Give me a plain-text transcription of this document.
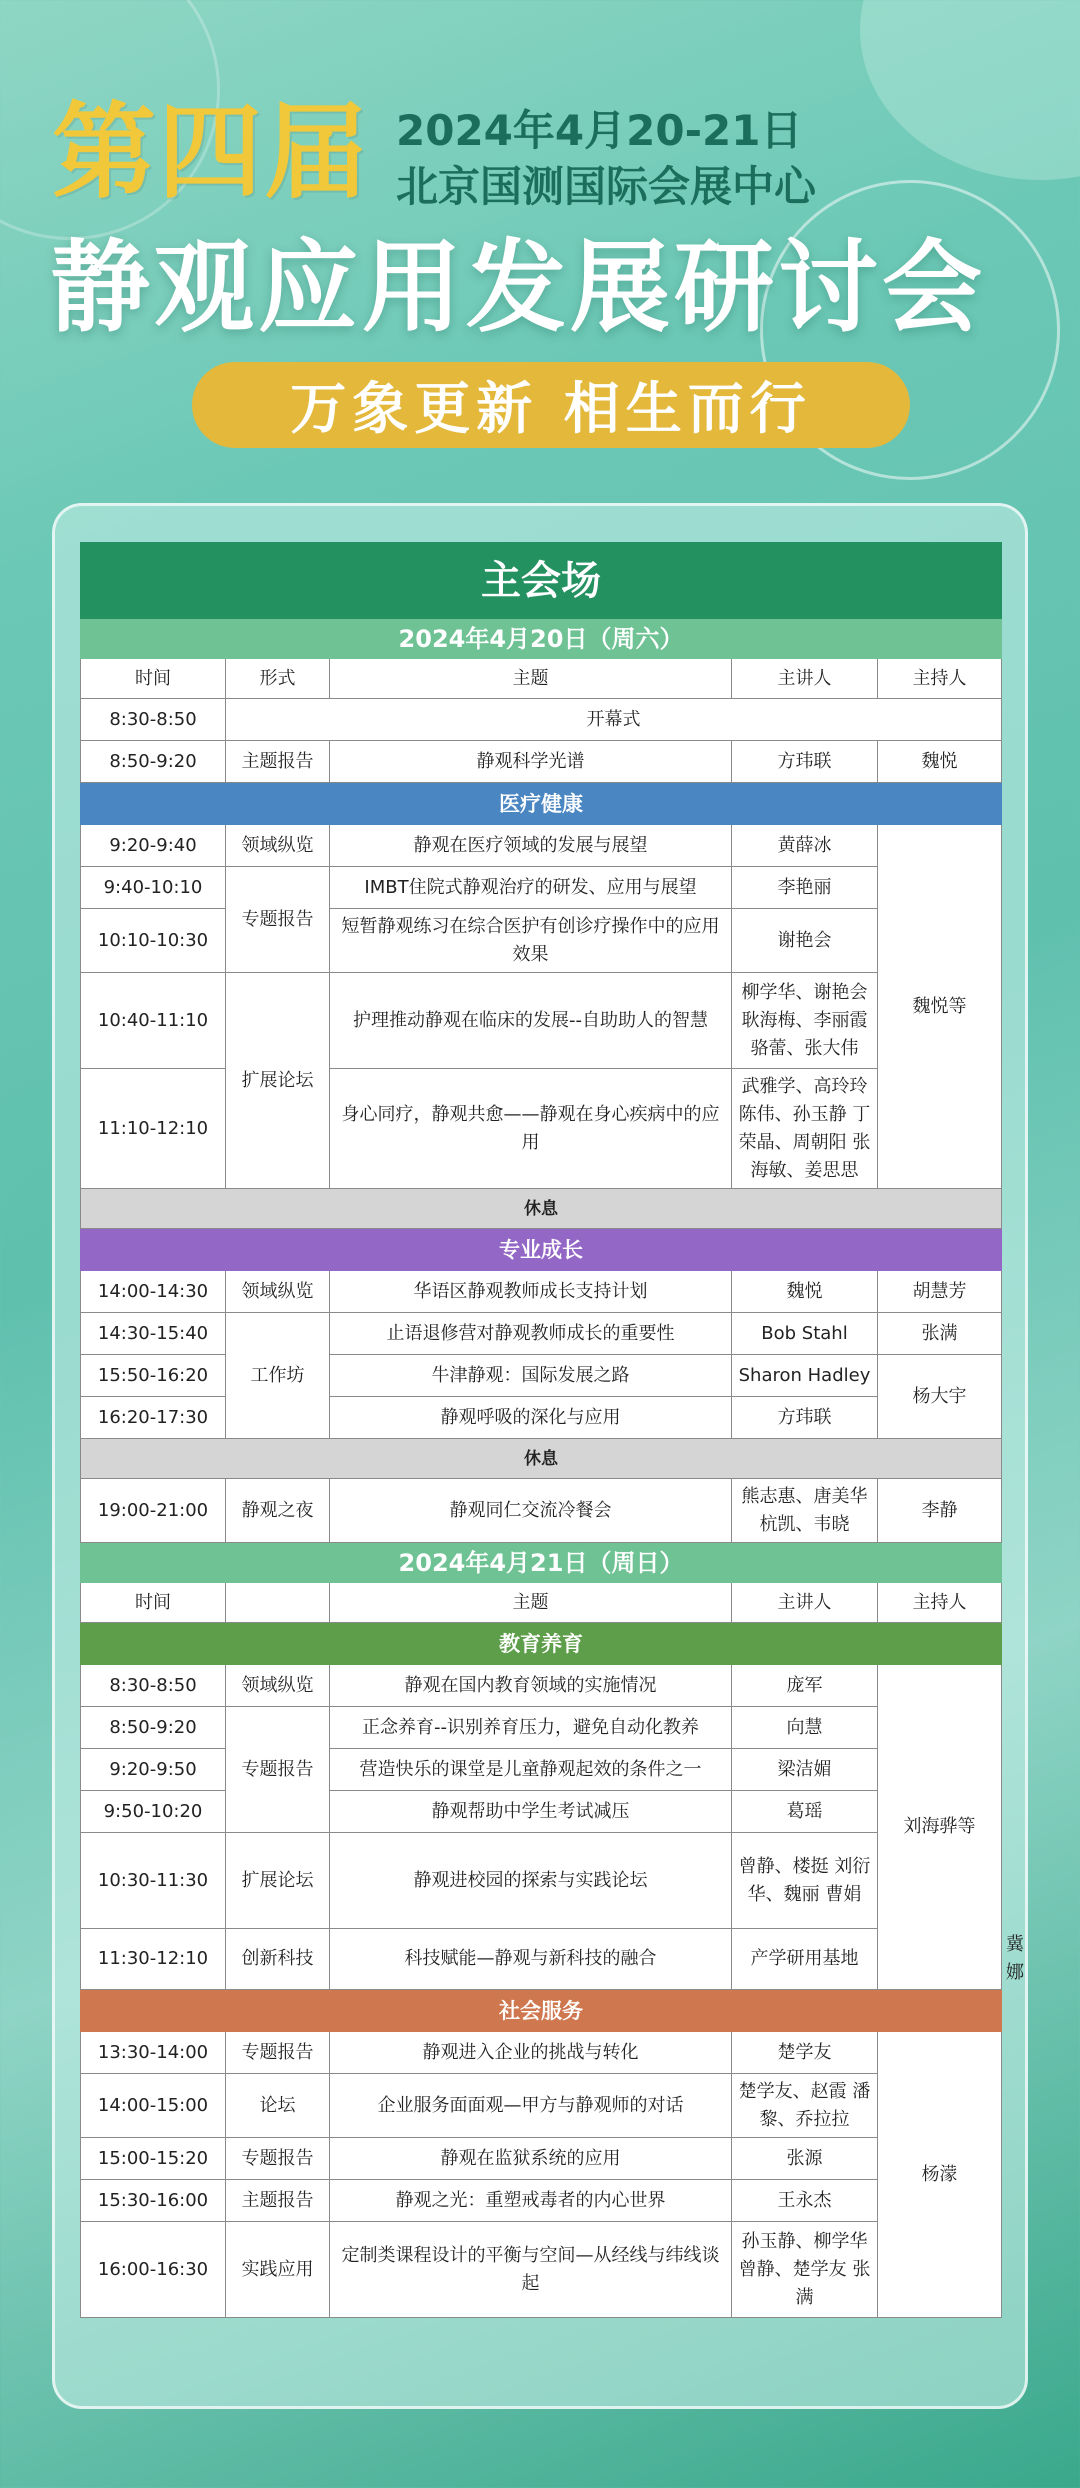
第四届 2024年4月20-21日
北京国测国际会展中心
静观应用发展研讨会
万象更新 相生而行
主会场					
2024年4月20日（周六）					
时间	形式	主题	主讲人	主持人	
8:30-8:50	开幕式				
8:50-9:20	主题报告	静观科学光谱	方玮联	魏悦	
医疗健康					
9:20-9:40	领域纵览	静观在医疗领域的发展与展望	黄薛冰	魏悦等	
9:40-10:10	专题报告	IMBT住院式静观治疗的研发、应用与展望	李艳丽		
10:10-10:30		短暂静观练习在综合医护有创诊疗操作中的应用效果	谢艳会		
10:40-11:10	扩展论坛	护理推动静观在临床的发展--自助助人的智慧	柳学华、谢艳会 耿海梅、李丽霞 骆蕾、张大伟		
11:10-12:10		身心同疗，静观共愈——静观在身心疾病中的应用	武雅学、高玲玲 陈伟、孙玉静 丁荣晶、周朝阳 张海敏、姜思思		
休息					
专业成长					
14:00-14:30	领域纵览	华语区静观教师成长支持计划	魏悦	胡慧芳	
14:30-15:40	工作坊	止语退修营对静观教师成长的重要性	Bob Stahl	张满	
15:50-16:20		牛津静观：国际发展之路	Sharon Hadley	杨大宇	
16:20-17:30		静观呼吸的深化与应用	方玮联		
休息					
19:00-21:00	静观之夜	静观同仁交流冷餐会	熊志惠、唐美华 杭凯、韦晓	李静	
2024年4月21日（周日）					
时间		主题	主讲人	主持人	
教育养育					
8:30-8:50	领域纵览	静观在国内教育领域的实施情况	庞军	刘海骅等	
8:50-9:20	专题报告	正念养育--识别养育压力，避免自动化教养	向慧		
9:20-9:50		营造快乐的课堂是儿童静观起效的条件之一	梁洁媚		
9:50-10:20		静观帮助中学生考试减压	葛瑶		
10:30-11:30	扩展论坛	静观进校园的探索与实践论坛	曾静、楼挺 刘衍华、魏丽 曹娟		
11:30-12:10	创新科技	科技赋能—静观与新科技的融合	产学研用基地	
社会服务					
13:30-14:00	专题报告	静观进入企业的挑战与转化	楚学友	杨濛	
14:00-15:00	论坛	企业服务面面观—甲方与静观师的对话	楚学友、赵霞 潘黎、乔拉拉		
15:00-15:20	专题报告	静观在监狱系统的应用	张源		
15:30-16:00	主题报告	静观之光：重塑戒毒者的内心世界	王永杰		
16:00-16:30	实践应用	定制类课程设计的平衡与空间—从经线与纬线谈起	孙玉静、柳学华 曾静、楚学友 张满		
